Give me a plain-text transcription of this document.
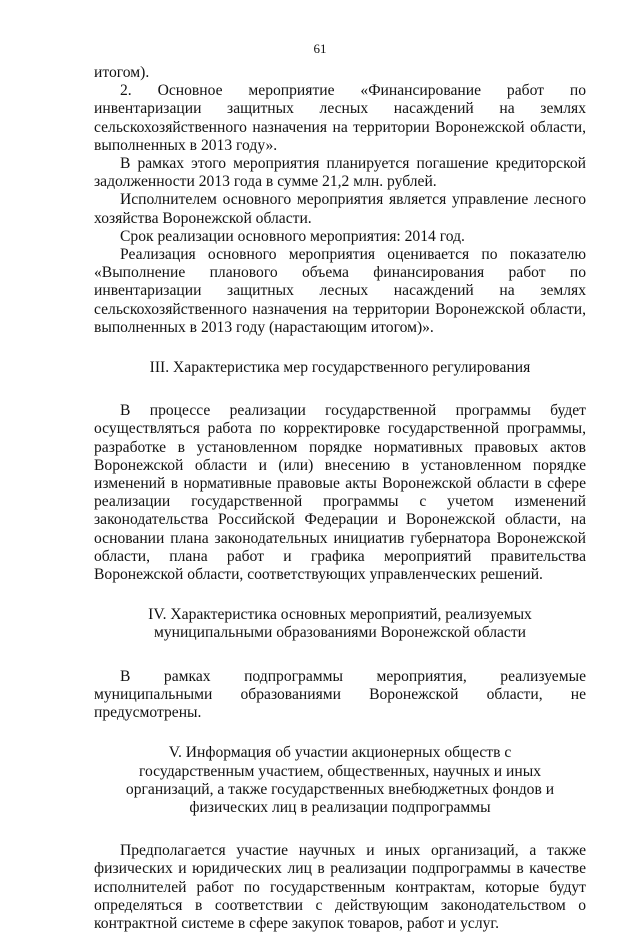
61

итогом).

2. Основное мероприятие «Финансирование работ по инвентаризации защитных лесных насаждений на землях сельскохозяйственного назначения на территории Воронежской области, выполненных в 2013 году».

В рамках этого мероприятия планируется погашение кредиторской задолженности 2013 года в сумме 21,2 млн. рублей.

Исполнителем основного мероприятия является управление лесного хозяйства Воронежской области.

Срок реализации основного мероприятия: 2014 год.

Реализация основного мероприятия оценивается по показателю «Выполнение планового объема финансирования работ по инвентаризации защитных лесных насаждений на землях сельскохозяйственного назначения на территории Воронежской области, выполненных в 2013 году (нарастающим итогом)».

III. Характеристика мер государственного регулирования

В процессе реализации государственной программы будет осуществляться работа по корректировке государственной программы, разработке в установленном порядке нормативных правовых актов Воронежской области и (или) внесению в установленном порядке изменений в нормативные правовые акты Воронежской области в сфере реализации государственной программы с учетом изменений законодательства Российской Федерации и Воронежской области, на основании плана законодательных инициатив губернатора Воронежской области, плана работ и графика мероприятий правительства Воронежской области, соответствующих управленческих решений.

IV. Характеристика основных мероприятий, реализуемых

муниципальными образованиями Воронежской области

В рамках подпрограммы мероприятия, реализуемые муниципальными образованиями Воронежской области, не предусмотрены.

V. Информация об участии акционерных обществ с

государственным участием, общественных, научных и иных

организаций, а также государственных внебюджетных фондов и

физических лиц в реализации подпрограммы

Предполагается участие научных и иных организаций, а также физических и юридических лиц в реализации подпрограммы в качестве исполнителей работ по государственным контрактам, которые будут определяться в соответствии с действующим законодательством о контрактной системе в сфере закупок товаров, работ и услуг.
